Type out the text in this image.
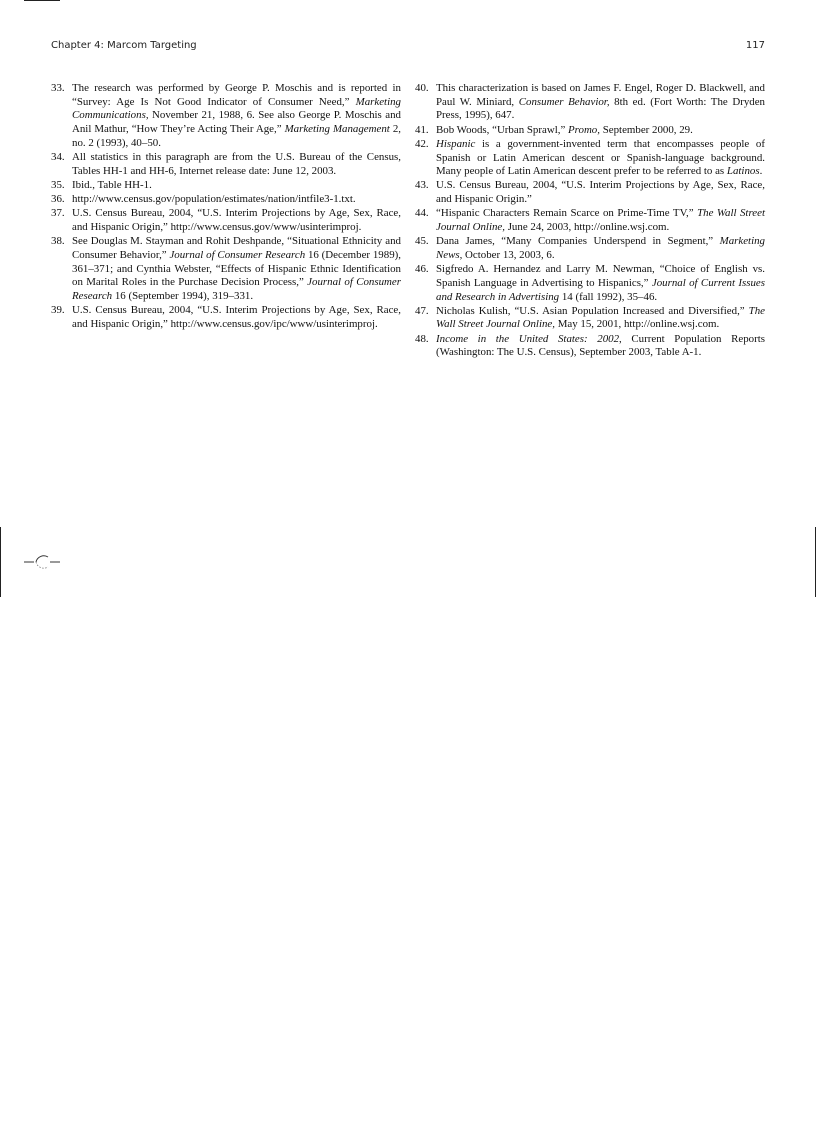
Chapter 4: Marcom Targeting	117
33. The research was performed by George P. Moschis and is reported in “Survey: Age Is Not Good Indicator of Consumer Need,” Marketing Communications, November 21, 1988, 6. See also George P. Moschis and Anil Mathur, “How They’re Acting Their Age,” Marketing Management 2, no. 2 (1993), 40–50.
34. All statistics in this paragraph are from the U.S. Bureau of the Census, Tables HH-1 and HH-6, Internet release date: June 12, 2003.
35. Ibid., Table HH-1.
36. http://www.census.gov/population/estimates/nation/intfile3-1.txt.
37. U.S. Census Bureau, 2004, “U.S. Interim Projections by Age, Sex, Race, and Hispanic Origin,” http://www.census.gov/www/usinterimproj.
38. See Douglas M. Stayman and Rohit Deshpande, “Situational Ethnicity and Consumer Behavior,” Journal of Consumer Research 16 (December 1989), 361–371; and Cynthia Webster, “Effects of Hispanic Ethnic Identification on Marital Roles in the Purchase Decision Process,” Journal of Consumer Research 16 (September 1994), 319–331.
39. U.S. Census Bureau, 2004, “U.S. Interim Projections by Age, Sex, Race, and Hispanic Origin,” http://www.census.gov/ipc/www/usinterimproj.
40. This characterization is based on James F. Engel, Roger D. Blackwell, and Paul W. Miniard, Consumer Behavior, 8th ed. (Fort Worth: The Dryden Press, 1995), 647.
41. Bob Woods, “Urban Sprawl,” Promo, September 2000, 29.
42. Hispanic is a government-invented term that encompasses people of Spanish or Latin American descent or Spanish-language background. Many people of Latin American descent prefer to be referred to as Latinos.
43. U.S. Census Bureau, 2004, “U.S. Interim Projections by Age, Sex, Race, and Hispanic Origin.”
44. “Hispanic Characters Remain Scarce on Prime-Time TV,” The Wall Street Journal Online, June 24, 2003, http://online.wsj.com.
45. Dana James, “Many Companies Underspend in Segment,” Marketing News, October 13, 2003, 6.
46. Sigfredo A. Hernandez and Larry M. Newman, “Choice of English vs. Spanish Language in Advertising to Hispanics,” Journal of Current Issues and Research in Advertising 14 (fall 1992), 35–46.
47. Nicholas Kulish, “U.S. Asian Population Increased and Diversified,” The Wall Street Journal Online, May 15, 2001, http://online.wsj.com.
48. Income in the United States: 2002, Current Population Reports (Washington: The U.S. Census), September 2003, Table A-1.
